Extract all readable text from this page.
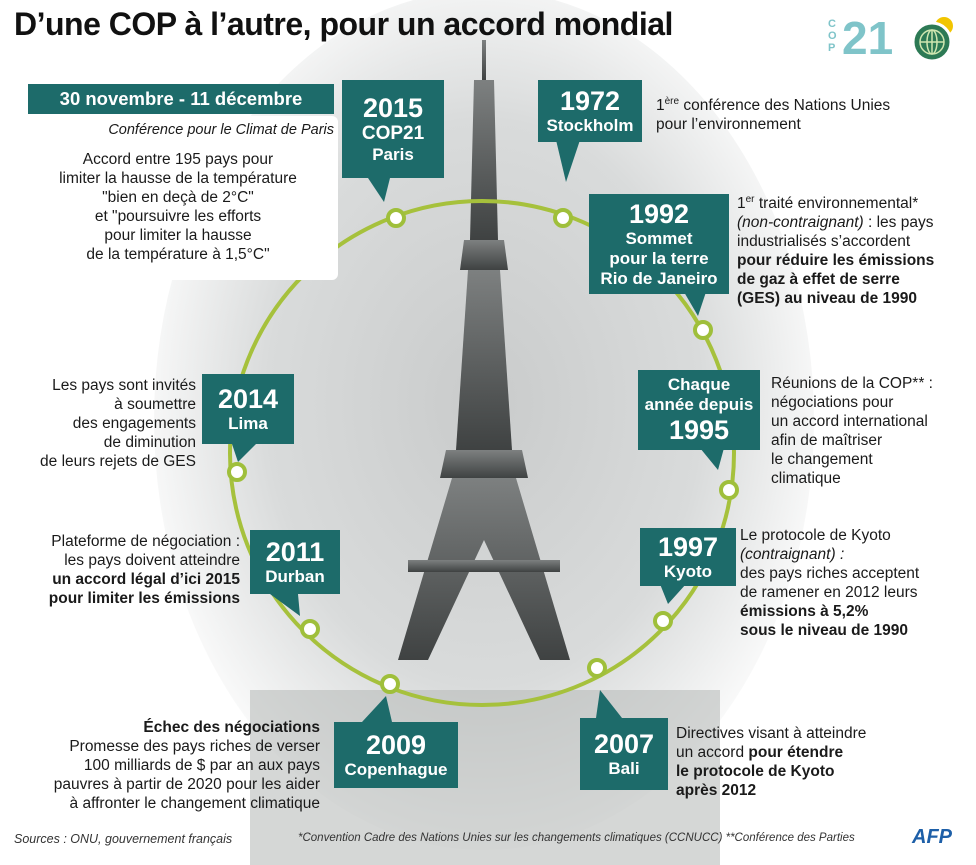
D’une COP à l’autre, pour un accord mondial	COP 21
30 novembre - 11 décembre
Conférence pour le Climat de Paris
2015
COP21
Paris
Accord entre 195 pays pour
limiter la hausse de la température
"bien en deçà de 2°C"
et "poursuivre les efforts
pour limiter la hausse
de la température à 1,5°C"
1972
Stockholm
1ère conférence des Nations Unies
pour l’environnement
1992
Sommet
pour la terre
Rio de Janeiro
1er traité environnemental*
(non-contraignant) : les pays
industrialisés s’accordent
pour réduire les émissions
de gaz à effet de serre
(GES) au niveau de 1990
Chaque
année depuis
1995
Réunions de la COP** :
négociations pour
un accord international
afin de maîtriser
le changement
climatique
1997
Kyoto
Le protocole de Kyoto
(contraignant) :
des pays riches acceptent
de ramener en 2012 leurs
émissions à 5,2%
sous le niveau de 1990
2007
Bali
Directives visant à atteindre
un accord pour étendre
le protocole de Kyoto
après 2012
2009
Copenhague
Échec des négociations
Promesse des pays riches de verser
100 milliards de $ par an aux pays
pauvres à partir de 2020 pour les aider
à affronter le changement climatique
2011
Durban
Plateforme de négociation :
les pays doivent atteindre
un accord légal d’ici 2015
pour limiter les émissions
2014
Lima
Les pays sont invités
à soumettre
des engagements
de diminution
de leurs rejets de GES
Sources : ONU, gouvernement français	*Convention Cadre des Nations Unies sur les changements climatiques (CCNUCC) **Conférence des Parties	AFP
